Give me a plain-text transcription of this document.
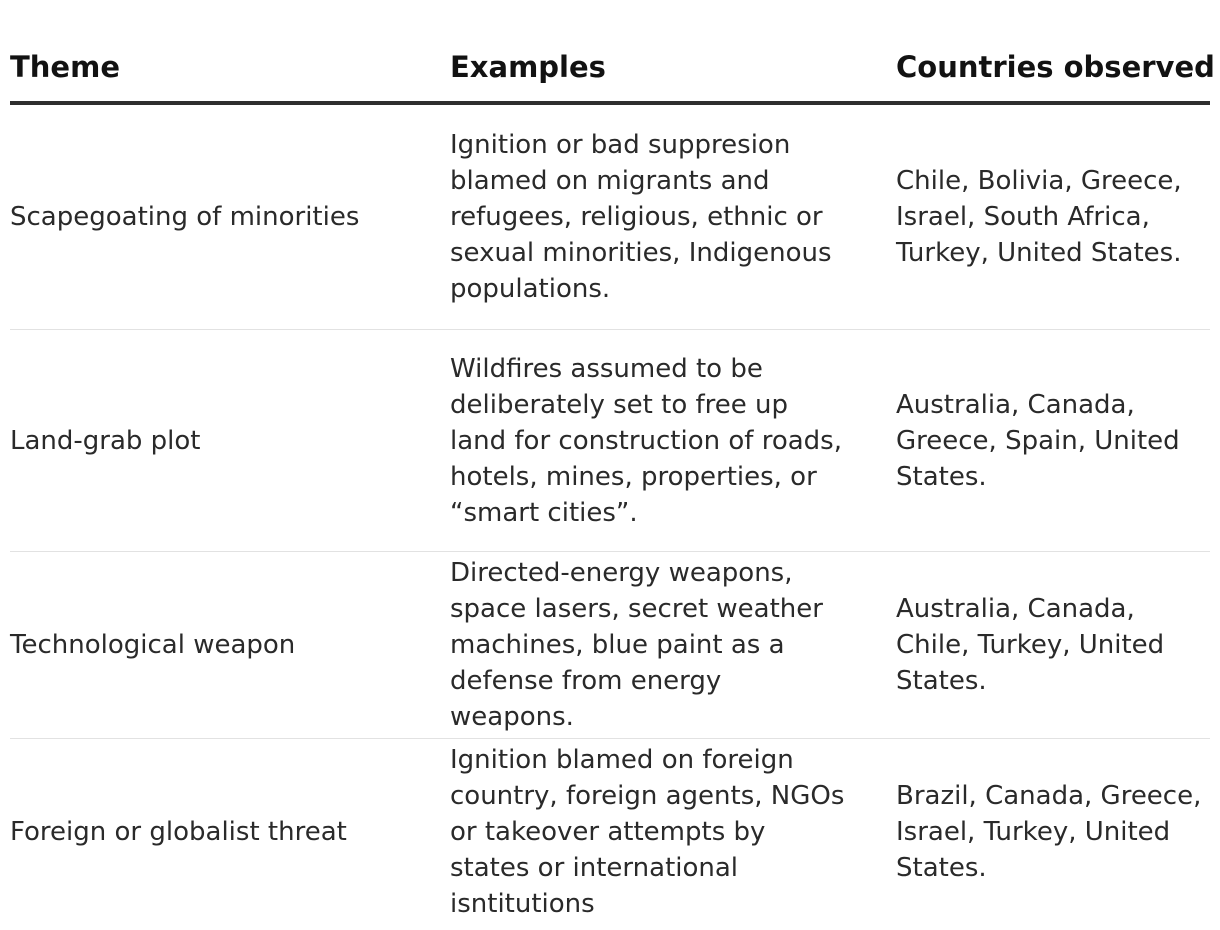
Theme	Examples	Countries observed
Scapegoating of minorities
Ignition or bad suppresion blamed on migrants and refugees, religious, ethnic or sexual minorities, Indigenous populations.
Chile, Bolivia, Greece, Israel, South Africa, Turkey, United States.
Land-grab plot
Wildfires assumed to be deliberately set to free up land for construction of roads, hotels, mines, properties, or “smart cities”.
Australia, Canada, Greece, Spain, United States.
Technological weapon
Directed-energy weapons, space lasers, secret weather machines, blue paint as a defense from energy weapons.
Australia, Canada, Chile, Turkey, United States.
Foreign or globalist threat
Ignition blamed on foreign country, foreign agents, NGOs or takeover attempts by states or international isntitutions
Brazil, Canada, Greece, Israel, Turkey, United States.
